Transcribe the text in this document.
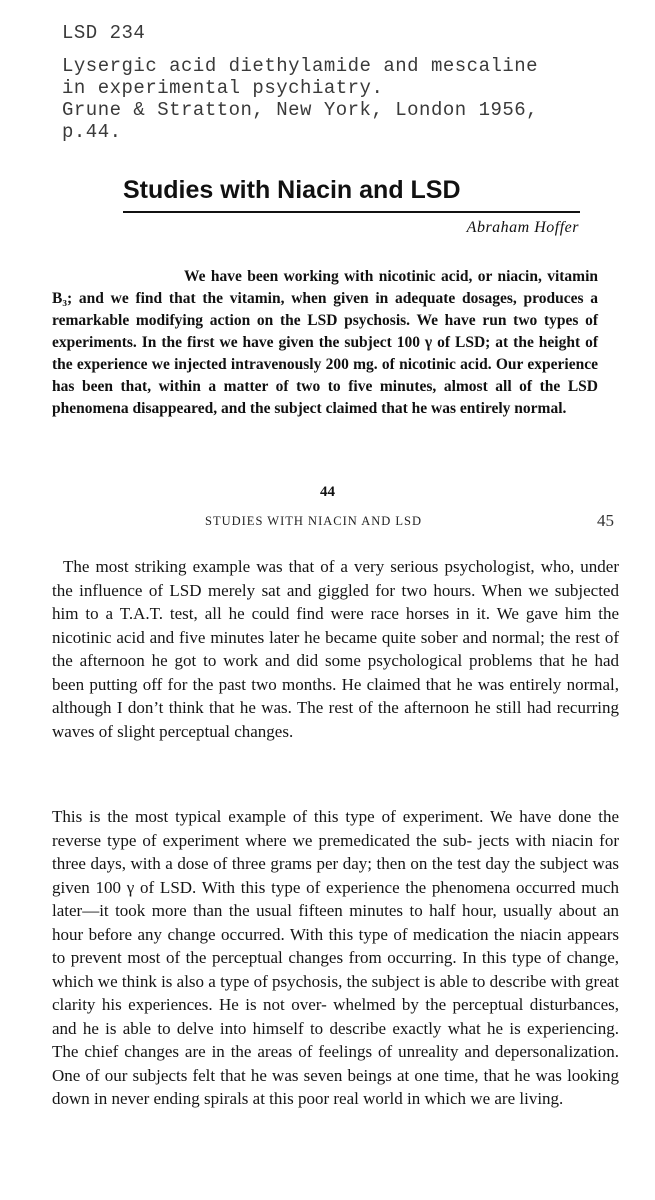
LSD 234
Lysergic acid diethylamide and mescaline
in experimental psychiatry.
Grune & Stratton, New York, London 1956,
p.44.
Studies with Niacin and LSD
Abraham Hoffer

We have been working with nicotinic acid, or niacin, vitamin B₃; and we find that the vitamin, when given in adequate dosages, produces a remarkable modifying action on the LSD psychosis. We have run two types of experiments. In the first we have given the subject 100 γ of LSD; at the height of the experience we injected intravenously 200 mg. of nicotinic acid. Our experience has been that, within a matter of two to five minutes, almost all of the LSD phenomena disappeared, and the subject claimed that he was entirely normal.

44
STUDIES WITH NIACIN AND LSD	45

The most striking example was that of a very serious psychologist, who, under the influence of LSD merely sat and giggled for two hours. When we subjected him to a T.A.T. test, all he could find were race horses in it. We gave him the nicotinic acid and five minutes later he became quite sober and normal; the rest of the afternoon he got to work and did some psychological problems that he had been putting off for the past two months. He claimed that he was entirely normal, although I don’t think that he was. The rest of the afternoon he still had recurring waves of slight perceptual changes.

This is the most typical example of this type of experiment. We have done the reverse type of experiment where we premedicated the sub- jects with niacin for three days, with a dose of three grams per day; then on the test day the subject was given 100 γ of LSD. With this type of experience the phenomena occurred much later—it took more than the usual fifteen minutes to half hour, usually about an hour before any change occurred. With this type of medication the niacin appears to prevent most of the perceptual changes from occurring. In this type of change, which we think is also a type of psychosis, the subject is able to describe with great clarity his experiences. He is not over- whelmed by the perceptual disturbances, and he is able to delve into himself to describe exactly what he is experiencing. The chief changes are in the areas of feelings of unreality and depersonalization. One of our subjects felt that he was seven beings at one time, that he was looking down in never ending spirals at this poor real world in which we are living.
